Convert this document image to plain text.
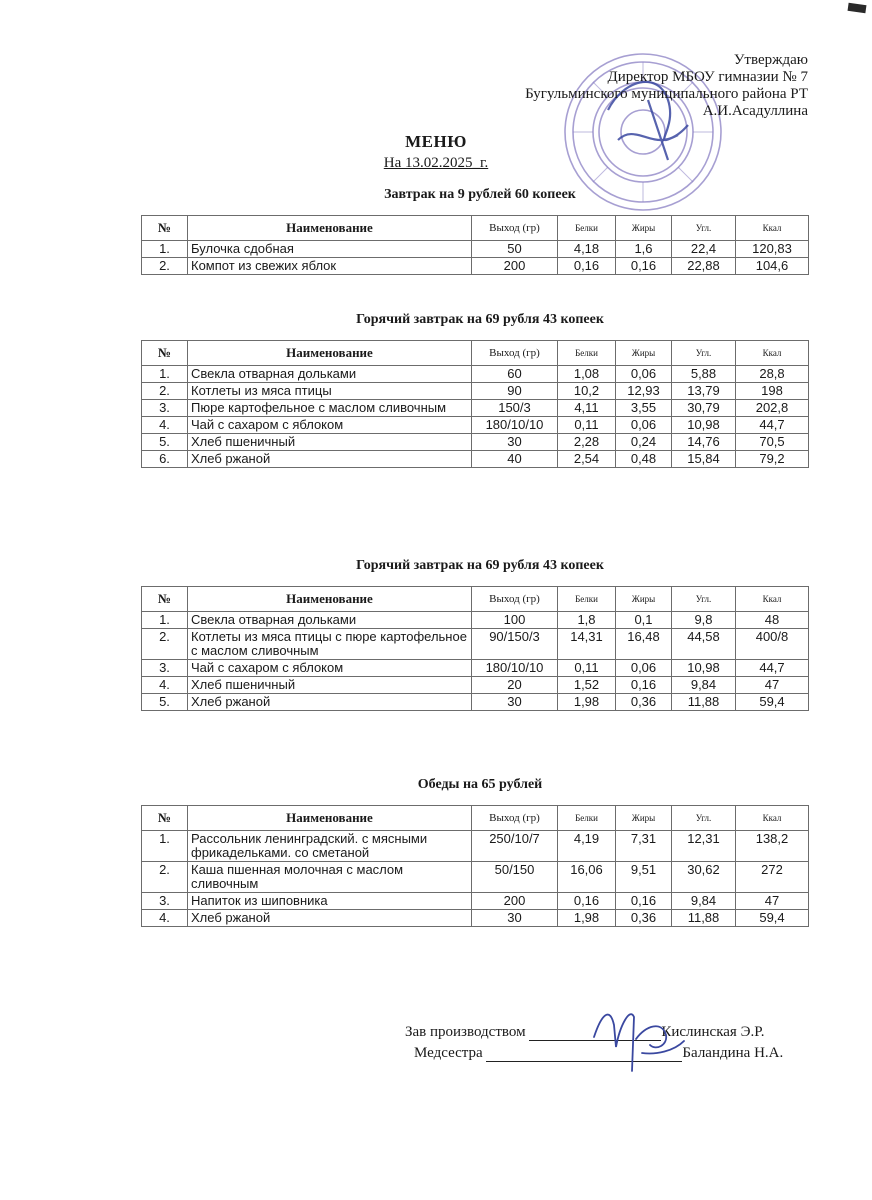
Утверждаю
Директор МБОУ гимназии № 7
Бугульминского муниципального района РТ
А.И.Асадуллина
МЕНЮ
На 13.02.2025_г.
Завтрак на 9 рублей 60 копеек
№	Наименование	Выход (гр)	Белки	Жиры	Угл.	Ккал
1.	Булочка сдобная	50	4,18	1,6	22,4	120,83
2.	Компот из свежих яблок	200	0,16	0,16	22,88	104,6
Горячий завтрак на 69 рубля 43 копеек
№	Наименование	Выход (гр)	Белки	Жиры	Угл.	Ккал
1.	Свекла отварная дольками	60	1,08	0,06	5,88	28,8
2.	Котлеты из мяса птицы	90	10,2	12,93	13,79	198
3.	Пюре картофельное с маслом сливочным	150/3	4,11	3,55	30,79	202,8
4.	Чай с сахаром с яблоком	180/10/10	0,11	0,06	10,98	44,7
5.	Хлеб пшеничный	30	2,28	0,24	14,76	70,5
6.	Хлеб ржаной	40	2,54	0,48	15,84	79,2
Горячий завтрак на 69 рубля 43 копеек
№	Наименование	Выход (гр)	Белки	Жиры	Угл.	Ккал
1.	Свекла отварная дольками	100	1,8	0,1	9,8	48
2.	Котлеты из мяса птицы с пюре картофельное с маслом сливочным	90/150/3	14,31	16,48	44,58	400/8
3.	Чай с сахаром с яблоком	180/10/10	0,11	0,06	10,98	44,7
4.	Хлеб пшеничный	20	1,52	0,16	9,84	47
5.	Хлеб ржаной	30	1,98	0,36	11,88	59,4
Обеды на 65 рублей
№	Наименование	Выход (гр)	Белки	Жиры	Угл.	Ккал
1.	Рассольник ленинградский. с мясными фрикадельками. со сметаной	250/10/7	4,19	7,31	12,31	138,2
2.	Каша пшенная молочная с маслом сливочным	50/150	16,06	9,51	30,62	272
3.	Напиток из шиповника	200	0,16	0,16	9,84	47
4.	Хлеб ржаной	30	1,98	0,36	11,88	59,4
Зав производством	Кислинская Э.Р.
Медсестра	Баландина Н.А.
